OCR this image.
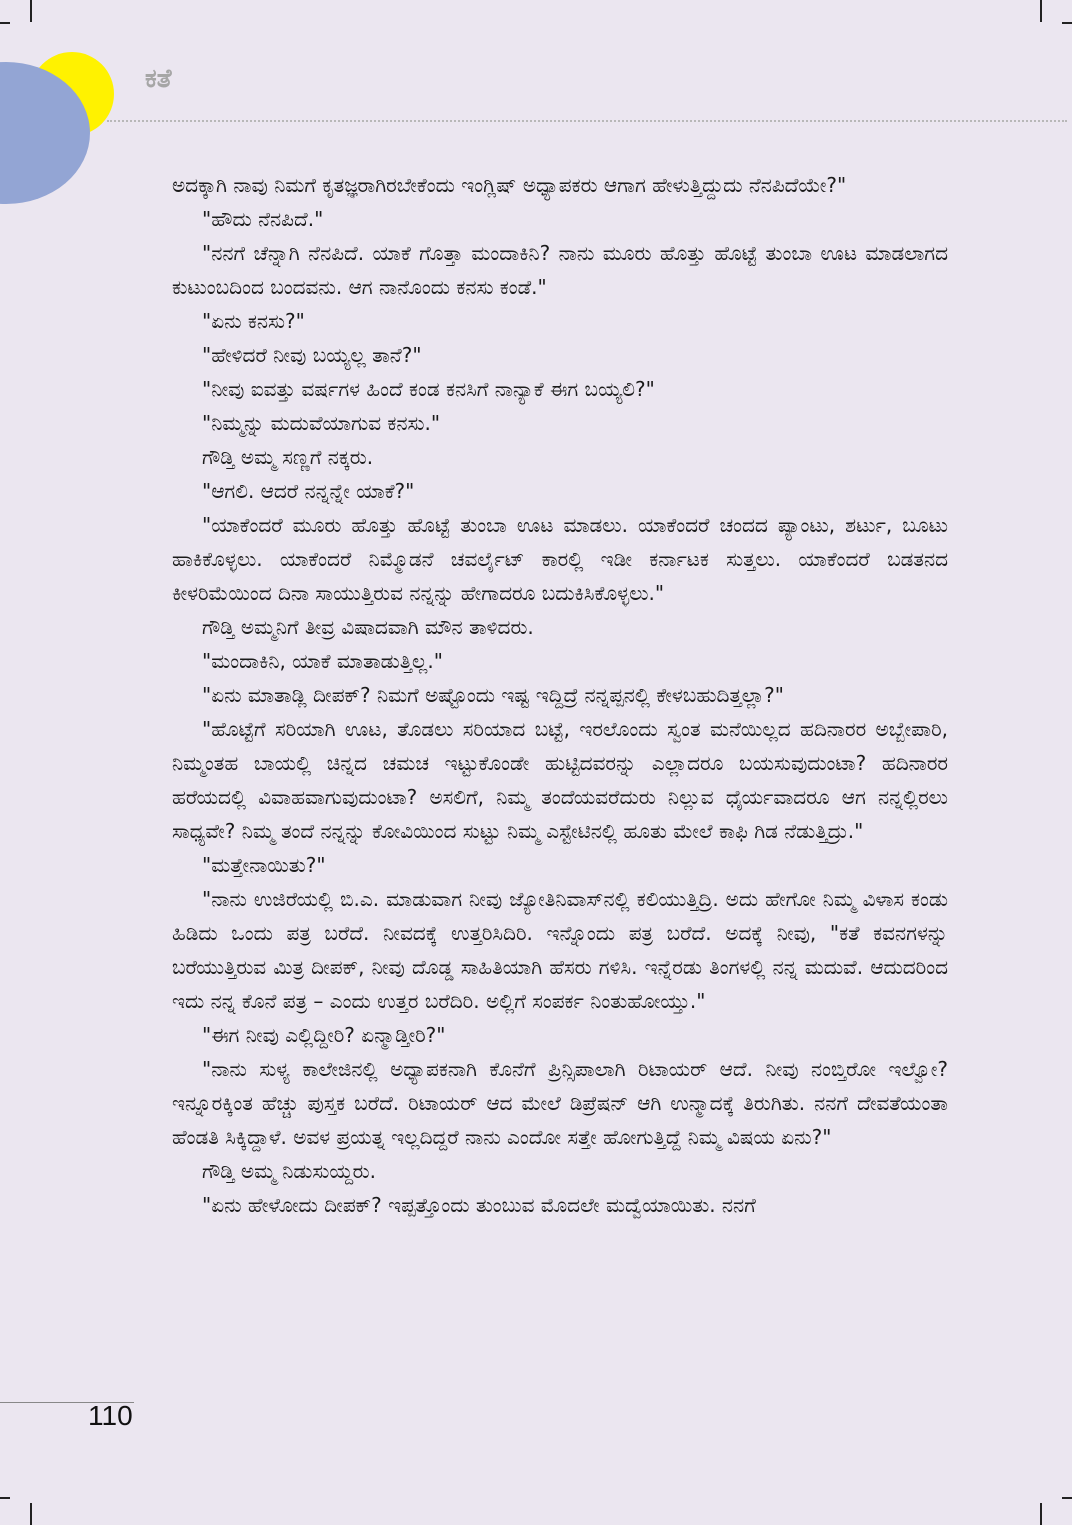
ಕತೆ

ಅದಕ್ಕಾಗಿ ನಾವು ನಿಮಗೆ ಕೃತಜ್ಞರಾಗಿರಬೇಕೆಂದು ಇಂಗ್ಲಿಷ್ ಅಧ್ಯಾಪಕರು ಆಗಾಗ ಹೇಳುತ್ತಿದ್ದುದು ನೆನಪಿದೆಯೇ?"

"ಹೌದು ನೆನಪಿದೆ."

"ನನಗೆ ಚೆನ್ನಾಗಿ ನೆನಪಿದೆ. ಯಾಕೆ ಗೊತ್ತಾ ಮಂದಾಕಿನಿ? ನಾನು ಮೂರು ಹೊತ್ತು ಹೊಟ್ಟೆ ತುಂಬಾ ಊಟ ಮಾಡಲಾಗದ ಕುಟುಂಬದಿಂದ ಬಂದವನು. ಆಗ ನಾನೊಂದು ಕನಸು ಕಂಡೆ."

"ಏನು ಕನಸು?"

"ಹೇಳಿದರೆ ನೀವು ಬಯ್ಯಲ್ಲ ತಾನೆ?"

"ನೀವು ಐವತ್ತು ವರ್ಷಗಳ ಹಿಂದೆ ಕಂಡ ಕನಸಿಗೆ ನಾನ್ಯಾಕೆ ಈಗ ಬಯ್ಯಲಿ?"

"ನಿಮ್ಮನ್ನು ಮದುವೆಯಾಗುವ ಕನಸು."

ಗೌಡ್ತಿ ಅಮ್ಮ ಸಣ್ಣಗೆ ನಕ್ಕರು.

"ಆಗಲಿ. ಆದರೆ ನನ್ನನ್ನೇ ಯಾಕೆ?"

"ಯಾಕೆಂದರೆ ಮೂರು ಹೊತ್ತು ಹೊಟ್ಟೆ ತುಂಬಾ ಊಟ ಮಾಡಲು. ಯಾಕೆಂದರೆ ಚಂದದ ಪ್ಯಾಂಟು, ಶರ್ಟು, ಬೂಟು ಹಾಕಿಕೊಳ್ಳಲು. ಯಾಕೆಂದರೆ ನಿಮ್ಮೊಡನೆ ಚವರ್ಲೈಟ್ ಕಾರಲ್ಲಿ ಇಡೀ ಕರ್ನಾಟಕ ಸುತ್ತಲು. ಯಾಕೆಂದರೆ ಬಡತನದ ಕೀಳರಿಮೆಯಿಂದ ದಿನಾ ಸಾಯುತ್ತಿರುವ ನನ್ನನ್ನು ಹೇಗಾದರೂ ಬದುಕಿಸಿಕೊಳ್ಳಲು."

ಗೌಡ್ತಿ ಅಮ್ಮನಿಗೆ ತೀವ್ರ ವಿಷಾದವಾಗಿ ಮೌನ ತಾಳಿದರು.

"ಮಂದಾಕಿನಿ, ಯಾಕೆ ಮಾತಾಡುತ್ತಿಲ್ಲ."

"ಏನು ಮಾತಾಡ್ಲಿ ದೀಪಕ್? ನಿಮಗೆ ಅಷ್ಟೊಂದು ಇಷ್ಟ ಇದ್ದಿದ್ರೆ ನನ್ನಪ್ಪನಲ್ಲಿ ಕೇಳಬಹುದಿತ್ತಲ್ಲಾ?"

"ಹೊಟ್ಟೆಗೆ ಸರಿಯಾಗಿ ಊಟ, ತೊಡಲು ಸರಿಯಾದ ಬಟ್ಟೆ, ಇರಲೊಂದು ಸ್ವಂತ ಮನೆಯಿಲ್ಲದ ಹದಿನಾರರ ಅಬ್ಬೇಪಾರಿ, ನಿಮ್ಮಂತಹ ಬಾಯಲ್ಲಿ ಚಿನ್ನದ ಚಮಚ ಇಟ್ಟುಕೊಂಡೇ ಹುಟ್ಟಿದವರನ್ನು ಎಲ್ಲಾದರೂ ಬಯಸುವುದುಂಟಾ? ಹದಿನಾರರ ಹರೆಯದಲ್ಲಿ ವಿವಾಹವಾಗುವುದುಂಟಾ? ಅಸಲಿಗೆ, ನಿಮ್ಮ ತಂದೆಯವರೆದುರು ನಿಲ್ಲುವ ಧೈರ್ಯವಾದರೂ ಆಗ ನನ್ನಲ್ಲಿರಲು ಸಾಧ್ಯವೇ? ನಿಮ್ಮ ತಂದೆ ನನ್ನನ್ನು ಕೋವಿಯಿಂದ ಸುಟ್ಟು ನಿಮ್ಮ ಎಸ್ಟೇಟಿನಲ್ಲಿ ಹೂತು ಮೇಲೆ ಕಾಫಿ ಗಿಡ ನೆಡುತ್ತಿದ್ರು."

"ಮತ್ತೇನಾಯಿತು?"

"ನಾನು ಉಜಿರೆಯಲ್ಲಿ ಬಿ.ಎ. ಮಾಡುವಾಗ ನೀವು ಜ್ಯೋತಿನಿವಾಸ್‌ನಲ್ಲಿ ಕಲಿಯುತ್ತಿದ್ರಿ. ಅದು ಹೇಗೋ ನಿಮ್ಮ ವಿಳಾಸ ಕಂಡು ಹಿಡಿದು ಒಂದು ಪತ್ರ ಬರೆದೆ. ನೀವದಕ್ಕೆ ಉತ್ತರಿಸಿದಿರಿ. ಇನ್ನೊಂದು ಪತ್ರ ಬರೆದೆ. ಅದಕ್ಕೆ ನೀವು, "ಕತೆ ಕವನಗಳನ್ನು ಬರೆಯುತ್ತಿರುವ ಮಿತ್ರ ದೀಪಕ್, ನೀವು ದೊಡ್ಡ ಸಾಹಿತಿಯಾಗಿ ಹೆಸರು ಗಳಿಸಿ. ಇನ್ನೆರಡು ತಿಂಗಳಲ್ಲಿ ನನ್ನ ಮದುವೆ. ಆದುದರಿಂದ ಇದು ನನ್ನ ಕೊನೆ ಪತ್ರ – ಎಂದು ಉತ್ತರ ಬರೆದಿರಿ. ಅಲ್ಲಿಗೆ ಸಂಪರ್ಕ ನಿಂತುಹೋಯ್ತು."

"ಈಗ ನೀವು ಎಲ್ಲಿದ್ದೀರಿ? ಏನ್ಮಾಡ್ತೀರಿ?"

"ನಾನು ಸುಳ್ಯ ಕಾಲೇಜಿನಲ್ಲಿ ಅಧ್ಯಾಪಕನಾಗಿ ಕೊನೆಗೆ ಪ್ರಿನ್ಸಿಪಾಲಾಗಿ ರಿಟಾಯರ್ ಆದೆ. ನೀವು ನಂಬ್ತಿರೋ ಇಲ್ವೋ? ಇನ್ನೂರಕ್ಕಿಂತ ಹೆಚ್ಚು ಪುಸ್ತಕ ಬರೆದೆ. ರಿಟಾಯರ್ ಆದ ಮೇಲೆ ಡಿಪ್ರೆಷನ್ ಆಗಿ ಉನ್ಮಾದಕ್ಕೆ ತಿರುಗಿತು. ನನಗೆ ದೇವತೆಯಂತಾ ಹೆಂಡತಿ ಸಿಕ್ಕಿದ್ದಾಳೆ. ಅವಳ ಪ್ರಯತ್ನ ಇಲ್ಲದಿದ್ದರೆ ನಾನು ಎಂದೋ ಸತ್ತೇ ಹೋಗುತ್ತಿದ್ದೆ ನಿಮ್ಮ ವಿಷಯ ಏನು?"

ಗೌಡ್ತಿ ಅಮ್ಮ ನಿಡುಸುಯ್ದರು.

"ಏನು ಹೇಳೋದು ದೀಪಕ್? ಇಪ್ಪತ್ತೊಂದು ತುಂಬುವ ಮೊದಲೇ ಮದ್ವೆಯಾಯಿತು. ನನಗೆ

110
